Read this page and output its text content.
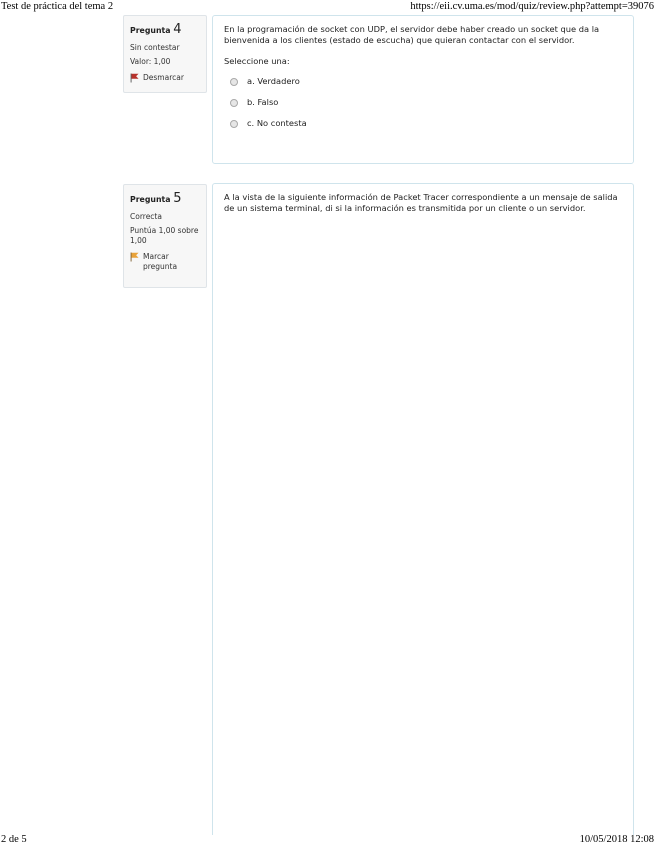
Test de práctica del tema 2	https://eii.cv.uma.es/mod/quiz/review.php?attempt=39076
Pregunta 4
Sin contestar
Valor: 1,00
Desmarcar

En la programación de socket con UDP, el servidor debe haber creado un socket que da la bienvenida a los clientes (estado de escucha) que quieran contactar con el servidor.

Seleccione una:
a. Verdadero
b. Falso
c. No contesta
Pregunta 5
Correcta
Puntúa 1,00 sobre 1,00
Marcar pregunta

A la vista de la siguiente información de Packet Tracer correspondiente a un mensaje de salida de un sistema terminal, di si la información es transmitida por un cliente o un servidor.

2 de 5	10/05/2018 12:08
